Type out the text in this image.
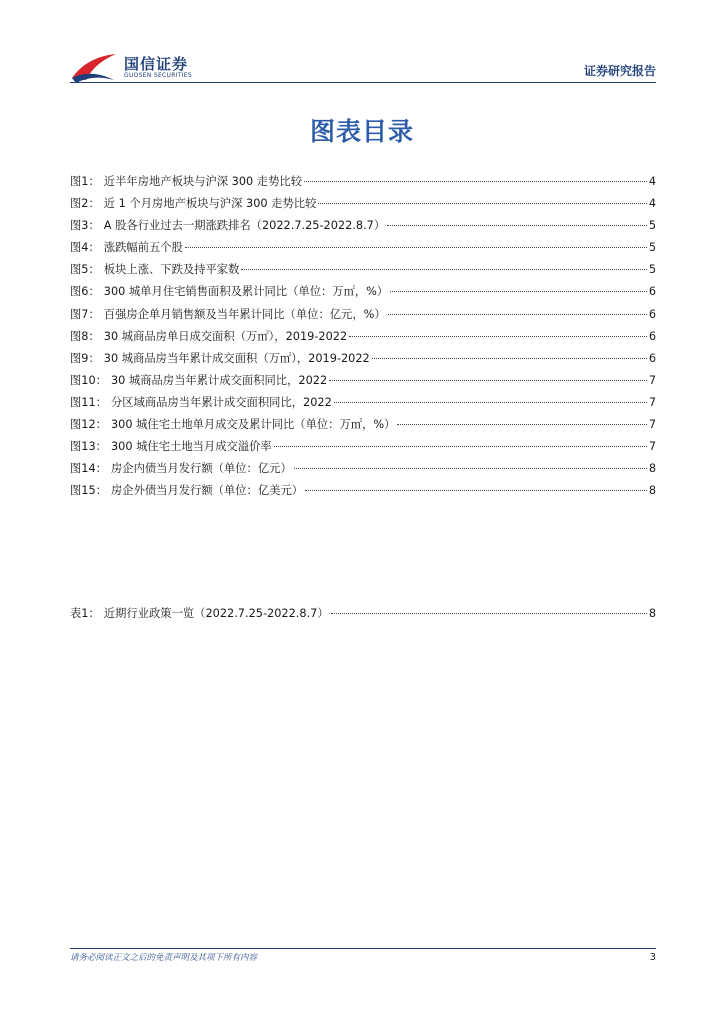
国信证券
GUOSEN SECURITIES	证券研究报告
图表目录
图1： 近半年房地产板块与沪深 300 走势比较	4
图2： 近 1 个月房地产板块与沪深 300 走势比较	4
图3： A 股各行业过去一期涨跌排名（2022.7.25-2022.8.7）	5
图4： 涨跌幅前五个股	5
图5： 板块上涨、下跌及持平家数	5
图6： 300 城单月住宅销售面积及累计同比（单位：万㎡，%）	6
图7： 百强房企单月销售额及当年累计同比（单位：亿元，%）	6
图8： 30 城商品房单日成交面积（万㎡），2019-2022	6
图9： 30 城商品房当年累计成交面积（万㎡），2019-2022	6
图10： 30 城商品房当年累计成交面积同比，2022	7
图11： 分区域商品房当年累计成交面积同比，2022	7
图12： 300 城住宅土地单月成交及累计同比（单位：万㎡，%）	7
图13： 300 城住宅土地当月成交溢价率	7
图14： 房企内债当月发行额（单位：亿元）	8
图15： 房企外债当月发行额（单位：亿美元）	8
表1： 近期行业政策一览（2022.7.25-2022.8.7）	8
请务必阅读正文之后的免责声明及其项下所有内容	3
